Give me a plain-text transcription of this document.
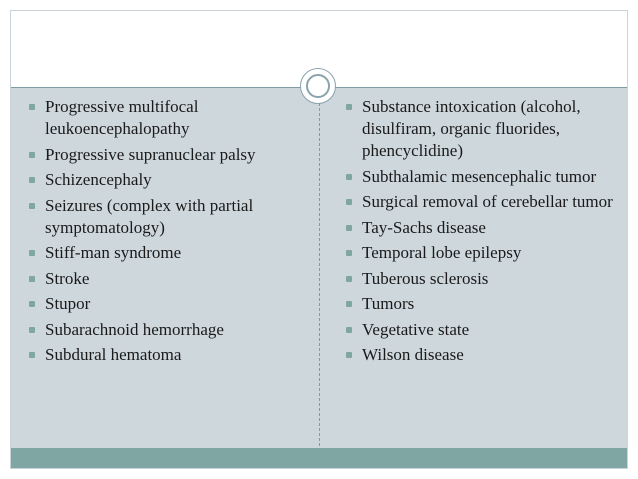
Progressive multifocal leukoencephalopathy
Progressive supranuclear palsy
Schizencephaly
Seizures (complex with partial symptomatology)
Stiff-man syndrome
Stroke
Stupor
Subarachnoid hemorrhage
Subdural hematoma
Substance intoxication (alcohol, disulfiram, organic fluorides, phencyclidine)
Subthalamic mesencephalic tumor
Surgical removal of cerebellar tumor
Tay-Sachs disease
Temporal lobe epilepsy
Tuberous sclerosis
Tumors
Vegetative state
Wilson disease
